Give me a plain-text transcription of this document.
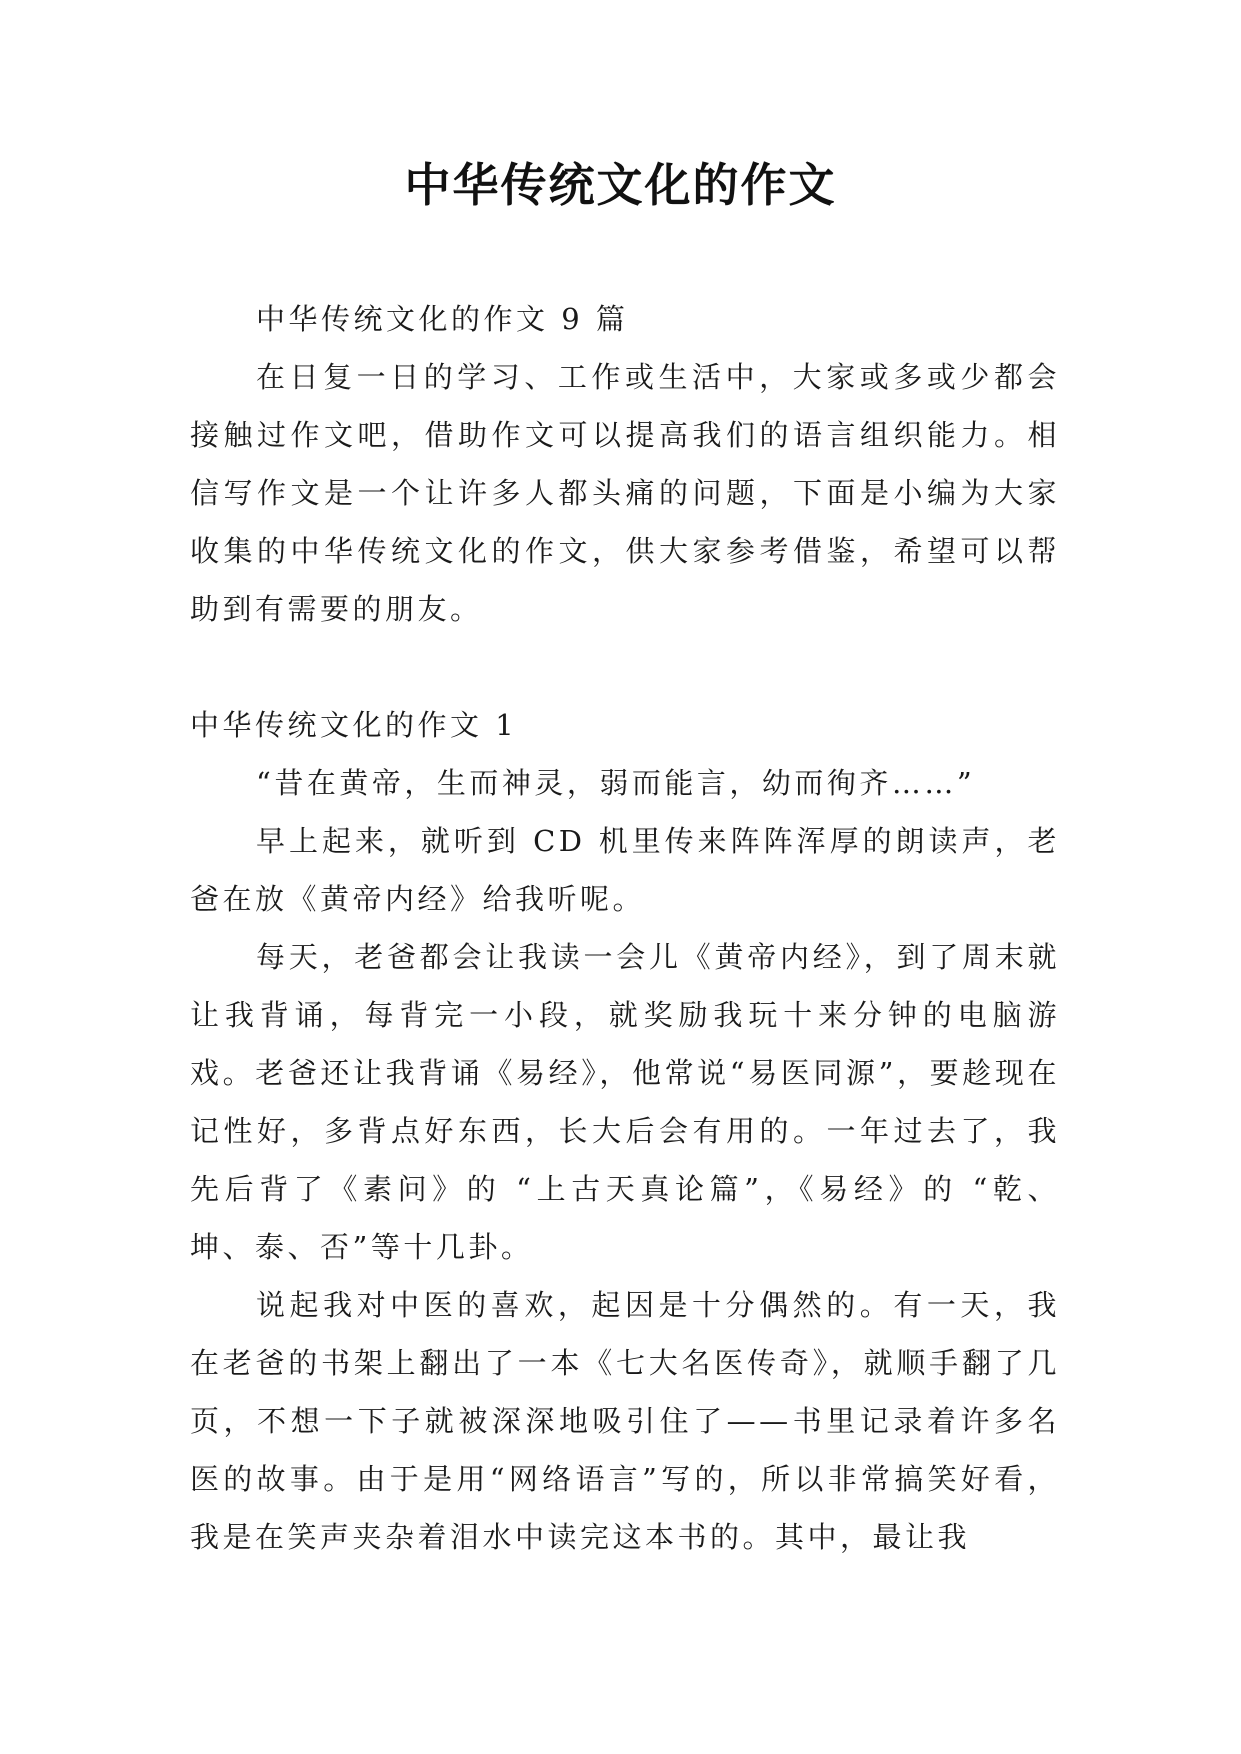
中华传统文化的作文

中华传统文化的作文 9 篇

在日复一日的学习、工作或生活中，大家或多或少都会接触过作文吧，借助作文可以提高我们的语言组织能力。相信写作文是一个让许多人都头痛的问题，下面是小编为大家收集的中华传统文化的作文，供大家参考借鉴，希望可以帮助到有需要的朋友。

中华传统文化的作文 1

“昔在黄帝，生而神灵，弱而能言，幼而徇齐……”

早上起来，就听到 CD 机里传来阵阵浑厚的朗读声，老爸在放《黄帝内经》给我听呢。

每天，老爸都会让我读一会儿《黄帝内经》，到了周末就让我背诵，每背完一小段，就奖励我玩十来分钟的电脑游戏。老爸还让我背诵《易经》，他常说“易医同源”，要趁现在记性好，多背点好东西，长大后会有用的。一年过去了，我先后背了《素问》的 “上古天真论篇”，《易经》的 “乾、坤、泰、否”等十几卦。

说起我对中医的喜欢，起因是十分偶然的。有一天，我在老爸的书架上翻出了一本《七大名医传奇》，就顺手翻了几页，不想一下子就被深深地吸引住了——书里记录着许多名医的故事。由于是用“网络语言”写的，所以非常搞笑好看，我是在笑声夹杂着泪水中读完这本书的。其中，最让我
